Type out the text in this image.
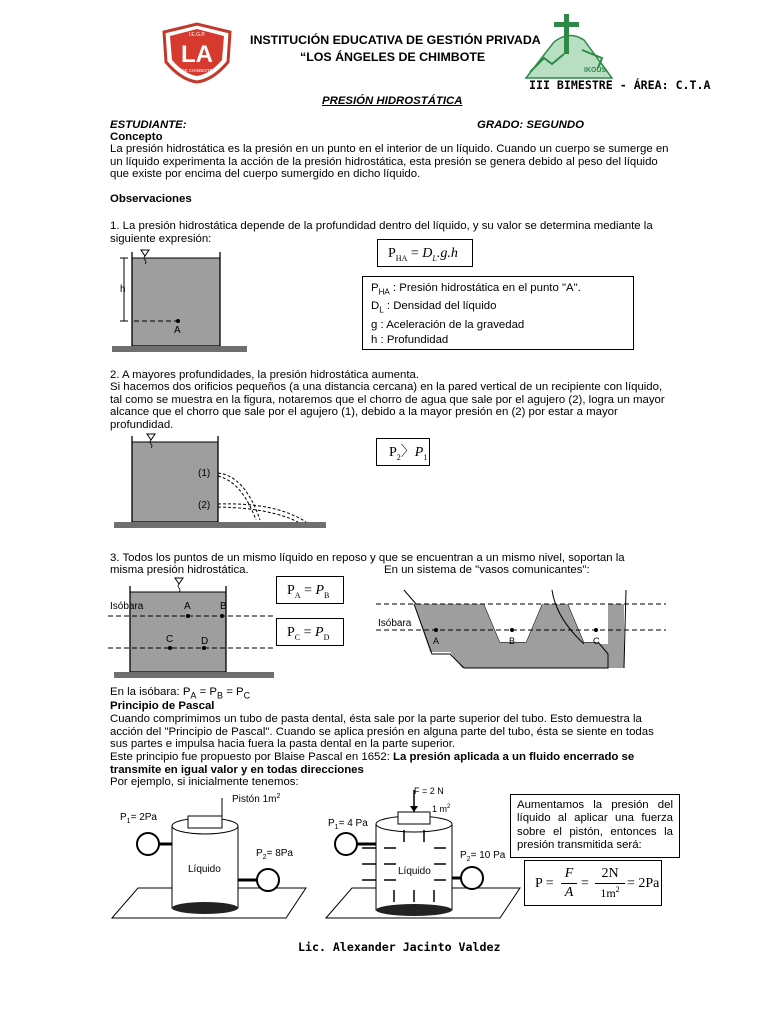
I.E.G.P.
LA
DE CHIMBOTE
INSTITUCIÓN EDUCATIVA DE GESTIÓN PRIVADA
“LOS ÁNGELES DE CHIMBOTE
IKOUS
III BIMESTRE - ÁREA: C.T.A
PRESIÓN HIDROSTÁTICA
ESTUDIANTE:	GRADO: SEGUNDO
Concepto

La presión hidrostática es la presión en un punto en el interior de un líquido. Cuando un cuerpo se sumerge en un líquido experimenta la acción de la presión hidrostática, esta presión se genera debido al peso del líquido que existe por encima del cuerpo sumergido en dicho líquido.

Observaciones

1. La presión hidrostática depende de la profundidad dentro del líquido, y su valor se determina mediante la siguiente expresión:

h
A
$P_{HA} = D_L.g.h$
$P_{HA}$ : Presión hidrostática en el punto "A".
$D_L$ : Densidad del líquido
g : Aceleración de la gravedad
h : Profundidad

2. A mayores profundidades, la presión hidrostática aumenta.

Si hacemos dos orificios pequeños (a una distancia cercana) en la pared vertical de un recipiente con líquido, tal como se muestra en la figura, notaremos que el chorro de agua que sale por el agujero (2), logra un mayor alcance que el chorro que sale por el agujero (1), debido a la mayor presión en (2) por estar a mayor profundidad.

(1)
(2)
$P_2$〉$P_1$

3. Todos los puntos de un mismo líquido en reposo y que se encuentran a un mismo nivel, soportan la

misma presión hidrostática.	En un sistema de "vasos comunicantes":
Isóbara	A	B
C	D
$P_A = P_B$
$P_C = P_D$
Isóbara
A	B	C
En la isóbara: $P_A = P_B = P_C$
Principio de Pascal

Cuando comprimimos un tubo de pasta dental, ésta sale por la parte superior del tubo. Esto demuestra la acción del "Principio de Pascal". Cuando se aplica presión en alguna parte del tubo, ésta se siente en todas sus partes e impulsa hacia fuera la pasta dental en la parte superior.

Este principio fue propuesto por Blaise Pascal en 1652: La presión aplicada a un fluido encerrado se transmite en igual valor y en todas direcciones

Por ejemplo, si inicialmente tenemos:
Pistón $1m^2$
Líquido
$P_1= 2Pa$
$P_2= 8Pa$
F = 2 N
1 $m^2$
Líquido
$P_1= 4$ Pa
$P_2= 10$ Pa
Aumentamos la presión del líquido al aplicar una fuerza sobre el pistón, entonces la presión transmitida será:
P =
F
A
=
2N
$1m^2 = 2Pa$
Lic. Alexander Jacinto Valdez
